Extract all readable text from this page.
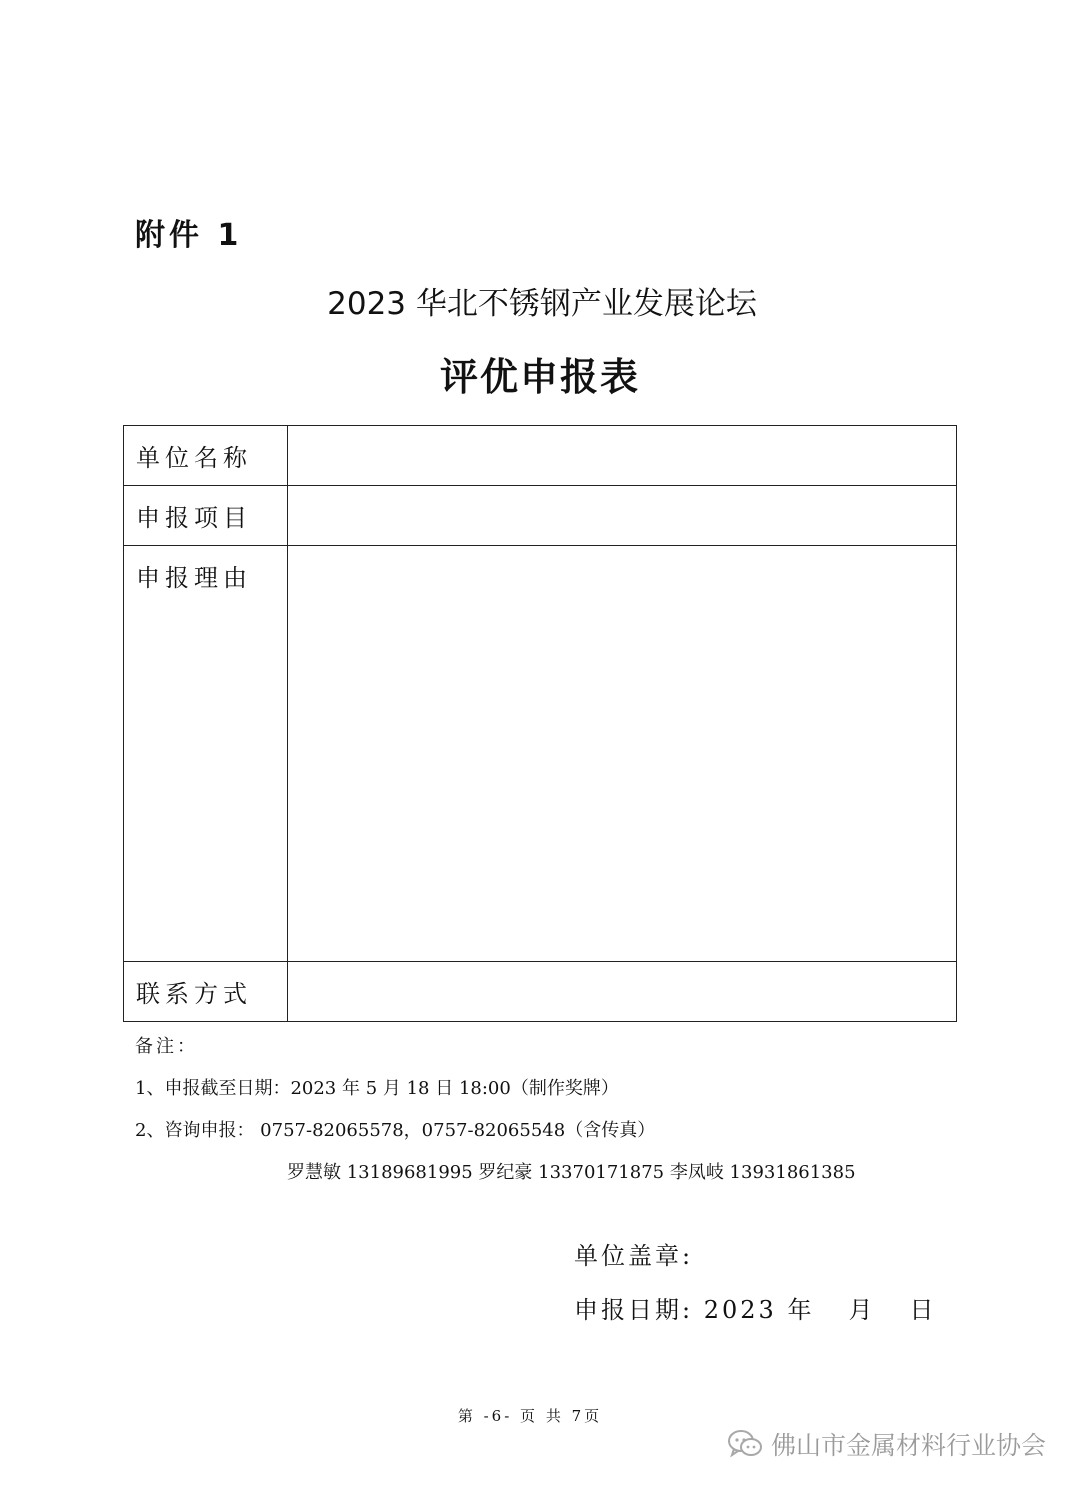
附件 1
2023 华北不锈钢产业发展论坛
评优申报表
单位名称	
申报项目	
申报理由	
联系方式	
备注：
1、申报截至日期：2023 年 5 月 18 日 18:00（制作奖牌）
2、咨询申报： 0757-82065578，0757-82065548（含传真）
罗慧敏 13189681995 罗纪豪 13370171875 李凤岐 13931861385
单位盖章:
申报日期: 2023 年 月 日
第 -6- 页 共 7页
佛山市金属材料行业协会
